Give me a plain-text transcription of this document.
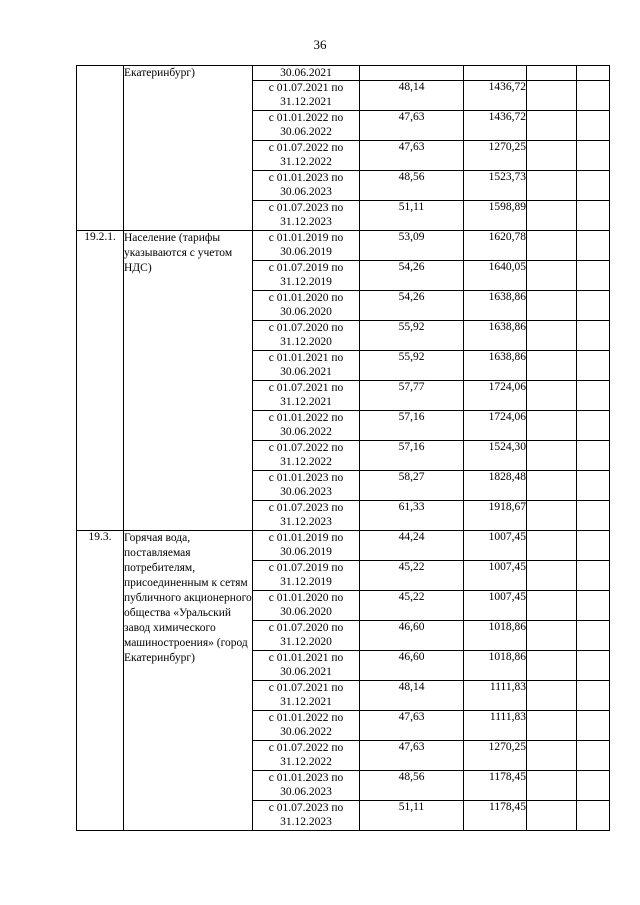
36
	Екатеринбург)	30.06.2021				
		с 01.07.2021 по 31.12.2021	48,14	1436,72		
		с 01.01.2022 по 30.06.2022	47,63	1436,72		
		с 01.07.2022 по 31.12.2022	47,63	1270,25		
		с 01.01.2023 по 30.06.2023	48,56	1523,73		
		с 01.07.2023 по 31.12.2023	51,11	1598,89		
19.2.1.	Население (тарифы указываются с учетом НДС)	с 01.01.2019 по 30.06.2019	53,09	1620,78		
		с 01.07.2019 по 31.12.2019	54,26	1640,05		
		с 01.01.2020 по 30.06.2020	54,26	1638,86		
		с 01.07.2020 по 31.12.2020	55,92	1638,86		
		с 01.01.2021 по 30.06.2021	55,92	1638,86		
		с 01.07.2021 по 31.12.2021	57,77	1724,06		
		с 01.01.2022 по 30.06.2022	57,16	1724,06		
		с 01.07.2022 по 31.12.2022	57,16	1524,30		
		с 01.01.2023 по 30.06.2023	58,27	1828,48		
		с 01.07.2023 по 31.12.2023	61,33	1918,67		
19.3.	Горячая вода, поставляемая потребителям, присоединенным к сетям публичного акционерного общества «Уральский завод химического машиностроения» (город Екатеринбург)	с 01.01.2019 по 30.06.2019	44,24	1007,45		
		с 01.07.2019 по 31.12.2019	45,22	1007,45		
		с 01.01.2020 по 30.06.2020	45,22	1007,45		
		с 01.07.2020 по 31.12.2020	46,60	1018,86		
		с 01.01.2021 по 30.06.2021	46,60	1018,86		
		с 01.07.2021 по 31.12.2021	48,14	1111,83		
		с 01.01.2022 по 30.06.2022	47,63	1111,83		
		с 01.07.2022 по 31.12.2022	47,63	1270,25		
		с 01.01.2023 по 30.06.2023	48,56	1178,45		
		с 01.07.2023 по 31.12.2023	51,11	1178,45		
